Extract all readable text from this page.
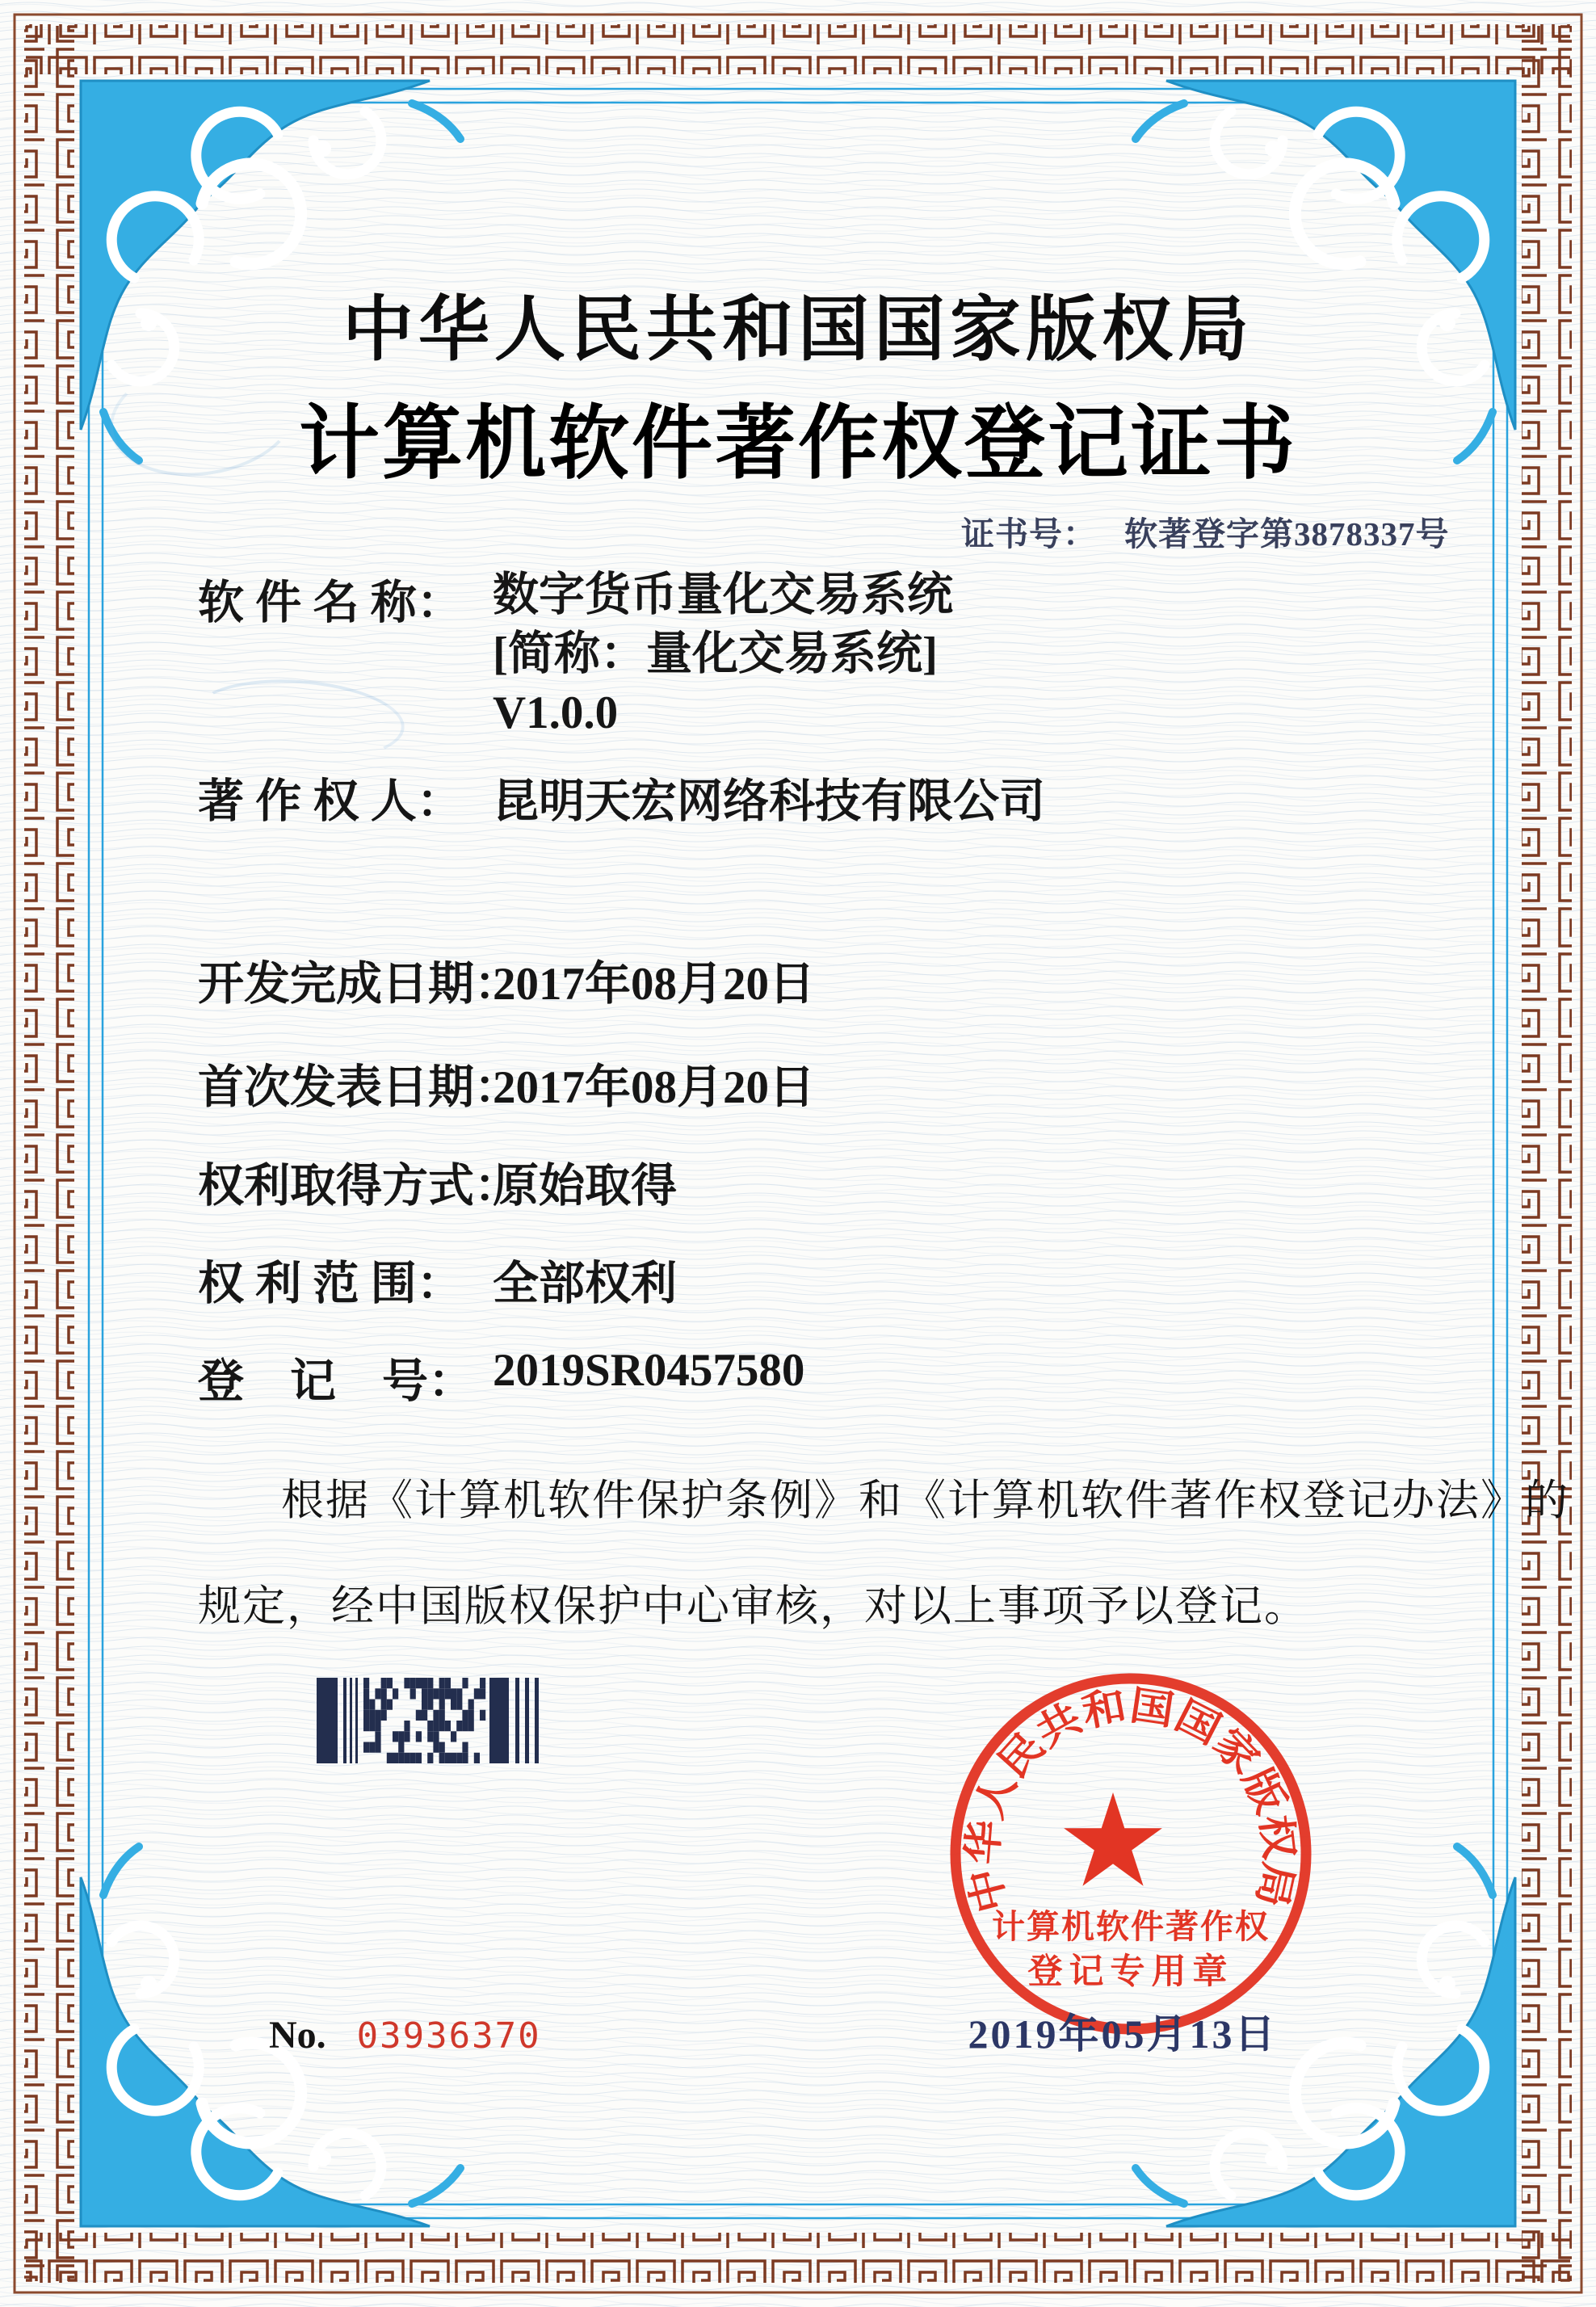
中华人民共和国国家版权局
计算机软件著作权登记证书
证书号： 软著登字第3878337号
软 件 名 称： 数字货币量化交易系统
[简称：量化交易系统]
V1.0.0
著 作 权 人： 昆明天宏网络科技有限公司
开发完成日期：
2017年08月20日
首次发表日期：
2017年08月20日
权利取得方式：
原始取得
权 利 范 围： 全部权利
登　记　号： 2019SR0457580
根据《计算机软件保护条例》和《计算机软件著作权登记办法》的
规定，经中国版权保护中心审核，对以上事项予以登记。
中华人民共和国国家版权局
计算机软件著作权
登记专用章
2019年05月13日
No. 03936370
